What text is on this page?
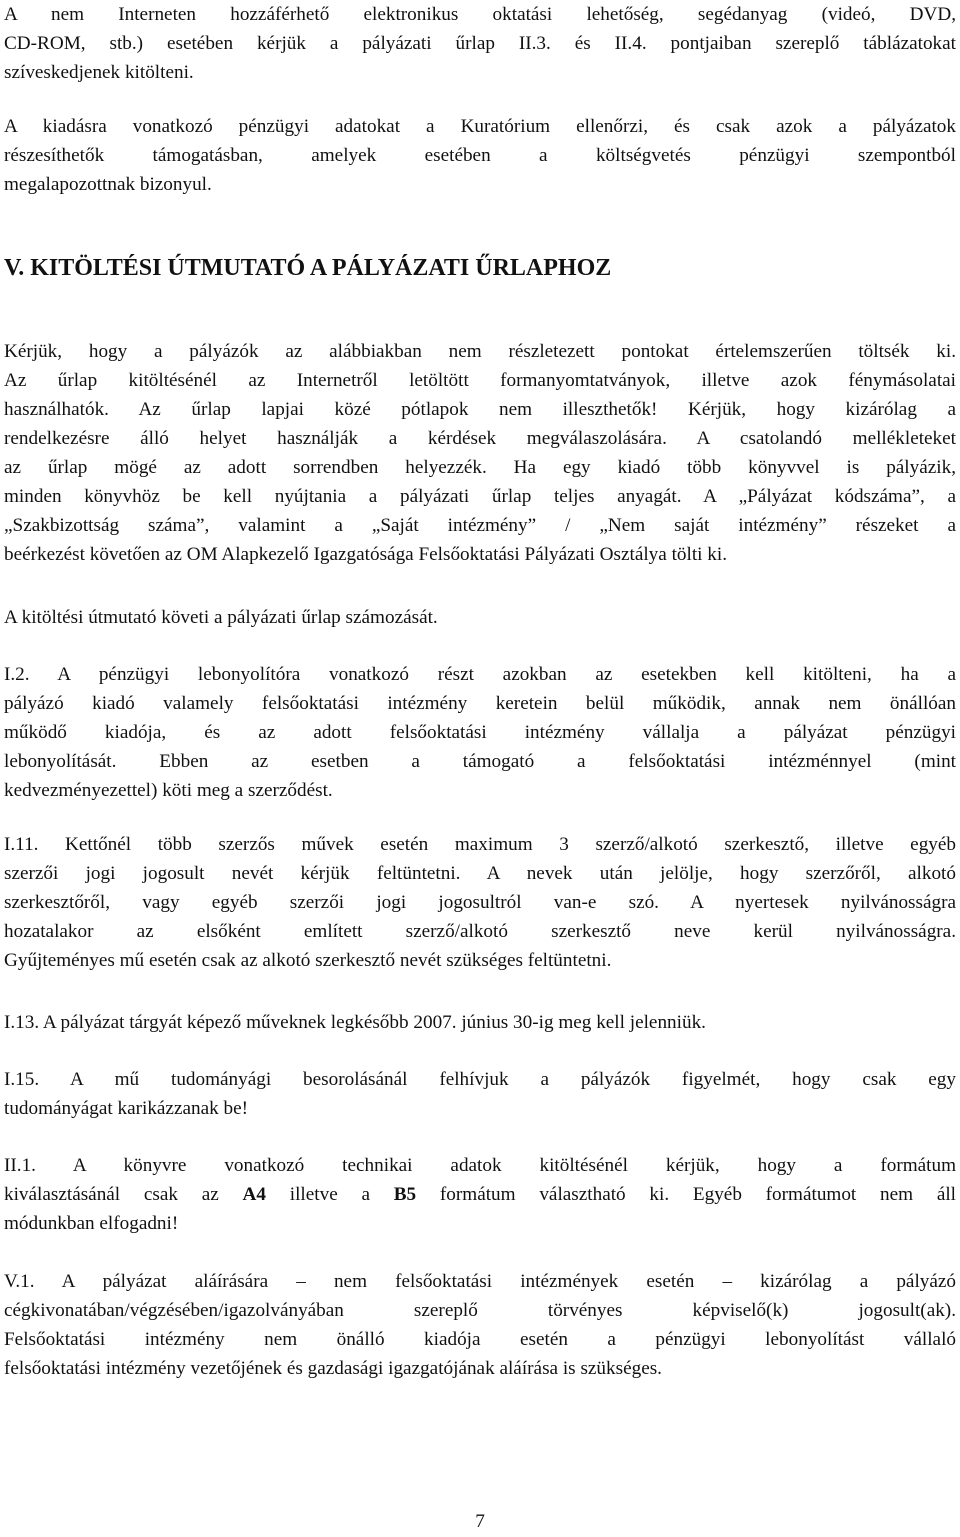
A nem Interneten hozzáférhető elektronikus oktatási lehetőség, segédanyag (videó, DVD,
CD-ROM, stb.) esetében kérjük a pályázati űrlap II.3. és II.4. pontjaiban szereplő táblázatokat
szíveskedjenek kitölteni.

A kiadásra vonatkozó pénzügyi adatokat a Kuratórium ellenőrzi, és csak azok a pályázatok
részesíthetők támogatásban, amelyek esetében a költségvetés pénzügyi szempontból
megalapozottnak bizonyul.

V. KITÖLTÉSI ÚTMUTATÓ A PÁLYÁZATI ŰRLAPHOZ

Kérjük, hogy a pályázók az alábbiakban nem részletezett pontokat értelemszerűen töltsék ki.
Az űrlap kitöltésénél az Internetről letöltött formanyomtatványok, illetve azok fénymásolatai
használhatók. Az űrlap lapjai közé pótlapok nem illeszthetők! Kérjük, hogy kizárólag a
rendelkezésre álló helyet használják a kérdések megválaszolására. A csatolandó mellékleteket
az űrlap mögé az adott sorrendben helyezzék. Ha egy kiadó több könyvvel is pályázik,
minden könyvhöz be kell nyújtania a pályázati űrlap teljes anyagát. A „Pályázat kódszáma”, a
„Szakbizottság száma”, valamint a „Saját intézmény” / „Nem saját intézmény” részeket a
beérkezést követően az OM Alapkezelő Igazgatósága Felsőoktatási Pályázati Osztálya tölti ki.

A kitöltési útmutató követi a pályázati űrlap számozását.

I.2. A pénzügyi lebonyolítóra vonatkozó részt azokban az esetekben kell kitölteni, ha a
pályázó kiadó valamely felsőoktatási intézmény keretein belül működik, annak nem önállóan
működő kiadója, és az adott felsőoktatási intézmény vállalja a pályázat pénzügyi
lebonyolítását. Ebben az esetben a támogató a felsőoktatási intézménnyel (mint
kedvezményezettel) köti meg a szerződést.

I.11. Kettőnél több szerzős művek esetén maximum 3 szerző/alkotó szerkesztő, illetve egyéb
szerzői jogi jogosult nevét kérjük feltüntetni. A nevek után jelölje, hogy szerzőről, alkotó
szerkesztőről, vagy egyéb szerzői jogi jogosultról van-e szó. A nyertesek nyilvánosságra
hozatalakor az elsőként említett szerző/alkotó szerkesztő neve kerül nyilvánosságra.
Gyűjteményes mű esetén csak az alkotó szerkesztő nevét szükséges feltüntetni.

I.13. A pályázat tárgyát képező műveknek legkésőbb 2007. június 30-ig meg kell jelenniük.

I.15. A mű tudományági besorolásánál felhívjuk a pályázók figyelmét, hogy csak egy
tudományágat karikázzanak be!

II.1. A könyvre vonatkozó technikai adatok kitöltésénél kérjük, hogy a formátum
kiválasztásánál csak az A4 illetve a B5 formátum választható ki. Egyéb formátumot nem áll
módunkban elfogadni!

V.1. A pályázat aláírására – nem felsőoktatási intézmények esetén – kizárólag a pályázó
cégkivonatában/végzésében/igazolványában szereplő törvényes képviselő(k) jogosult(ak).
Felsőoktatási intézmény nem önálló kiadója esetén a pénzügyi lebonyolítást vállaló
felsőoktatási intézmény vezetőjének és gazdasági igazgatójának aláírása is szükséges.

7
